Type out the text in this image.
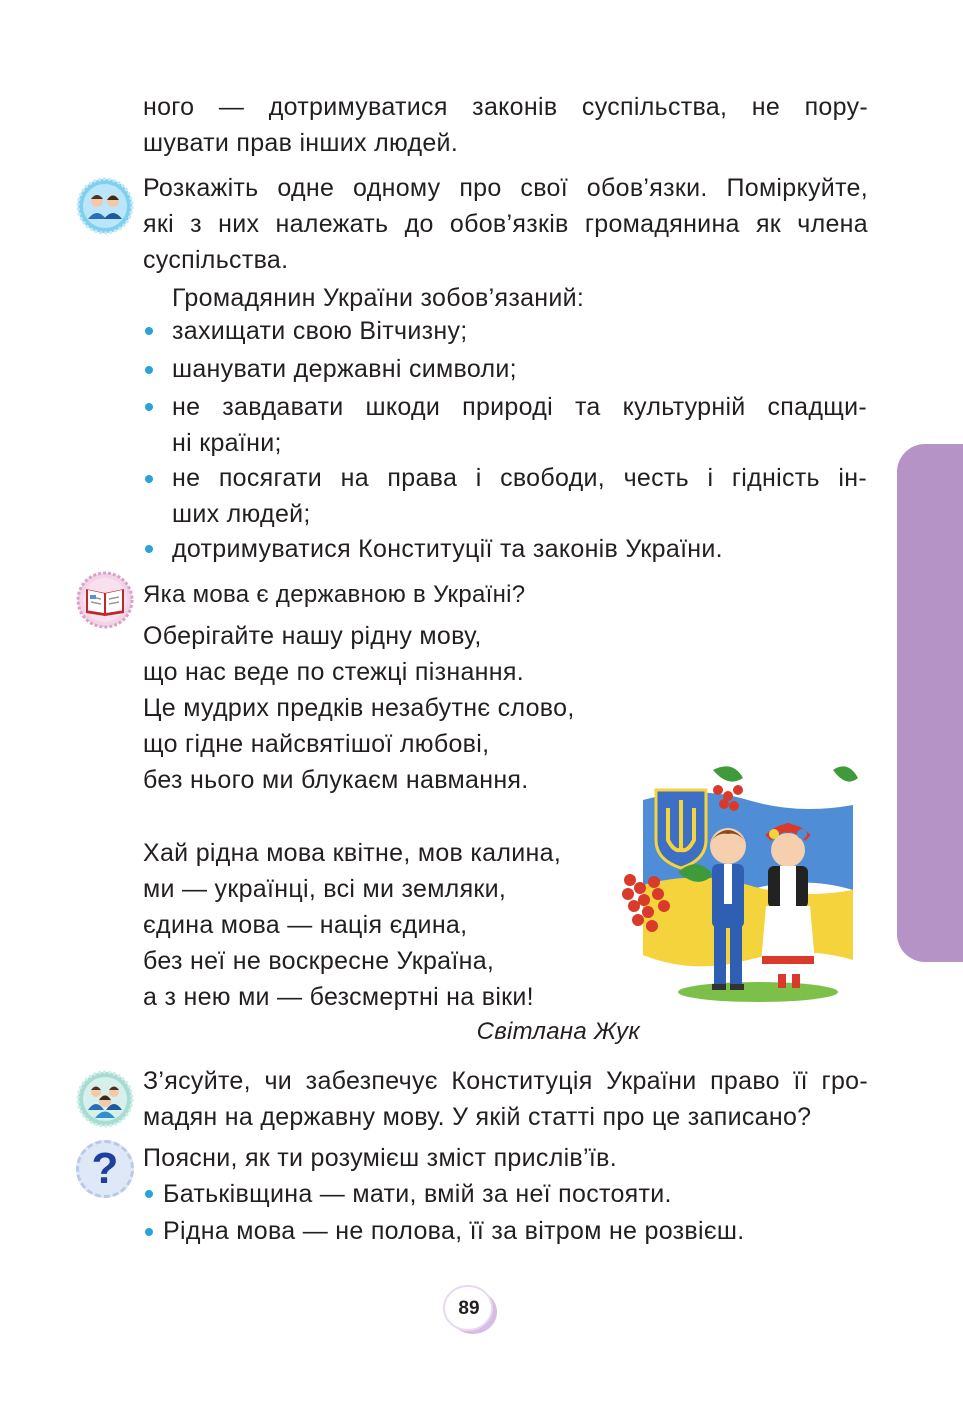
ного — дотримуватися законів суспільства, не пору-
шувати прав інших людей.
Розкажіть одне одному про свої обов’язки. Поміркуйте,
які з них належать до обов’язків громадянина як члена
суспільства.
Громадянин України зобов’язаний:
захищати свою Вітчизну;
шанувати державні символи;
не завдавати шкоди природі та культурній спадщи-
ні країни;
не посягати на права і свободи, честь і гідність ін-
ших людей;
дотримуватися Конституції та законів України.
Яка мова є державною в Україні?
Оберігайте нашу рідну мову,
що нас веде по стежці пізнання.
Це мудрих предків незабутнє слово,
що гідне найсвятішої любові,
без нього ми блукаєм навмання.
Хай рідна мова квітне, мов калина,
ми — українці, всі ми земляки,
єдина мова — нація єдина,
без неї не воскресне Україна,
а з нею ми — безсмертні на віки!
Світлана Жук
З’ясуйте, чи забезпечує Конституція України право її гро-
мадян на державну мову. У якій статті про це записано?
? Поясни, як ти розумієш зміст прислів’їв.
Батьківщина — мати, вмій за неї постояти.
Рідна мова — не полова, її за вітром не розвієш.
89
